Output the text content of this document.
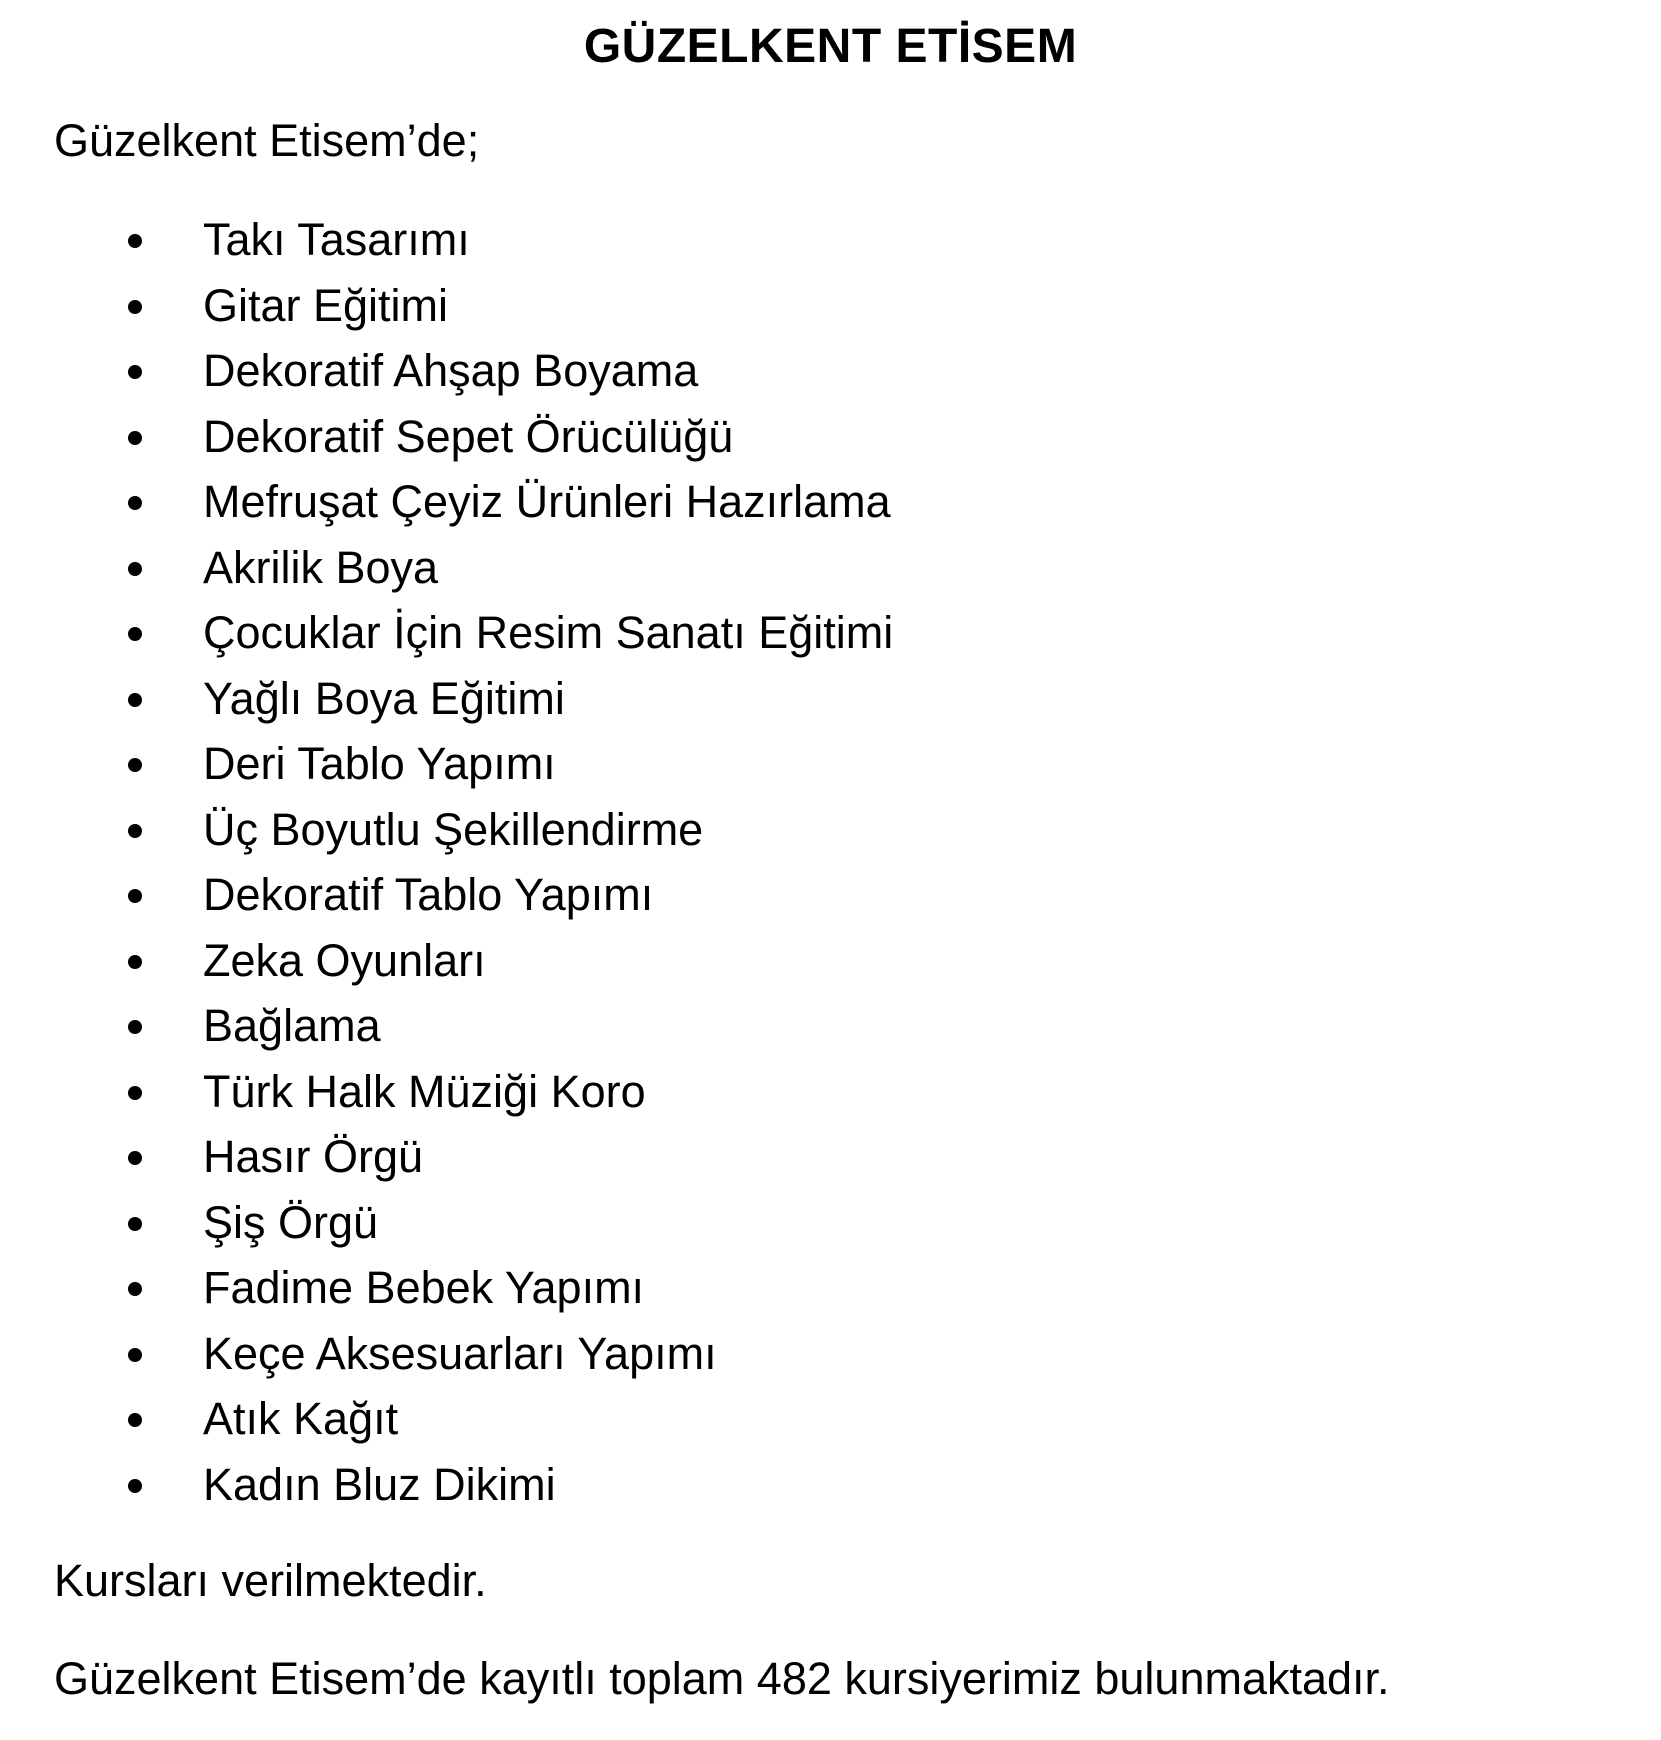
GÜZELKENT ETİSEM
Güzelkent Etisem’de;
Takı Tasarımı
Gitar Eğitimi
Dekoratif Ahşap Boyama
Dekoratif Sepet Örücülüğü
Mefruşat Çeyiz Ürünleri Hazırlama
Akrilik Boya
Çocuklar İçin Resim Sanatı Eğitimi
Yağlı Boya Eğitimi
Deri Tablo Yapımı
Üç Boyutlu Şekillendirme
Dekoratif Tablo Yapımı
Zeka Oyunları
Bağlama
Türk Halk Müziği Koro
Hasır Örgü
Şiş Örgü
Fadime Bebek Yapımı
Keçe Aksesuarları Yapımı
Atık Kağıt
Kadın Bluz Dikimi
Kursları verilmektedir.
Güzelkent Etisem’de kayıtlı toplam 482 kursiyerimiz bulunmaktadır.
